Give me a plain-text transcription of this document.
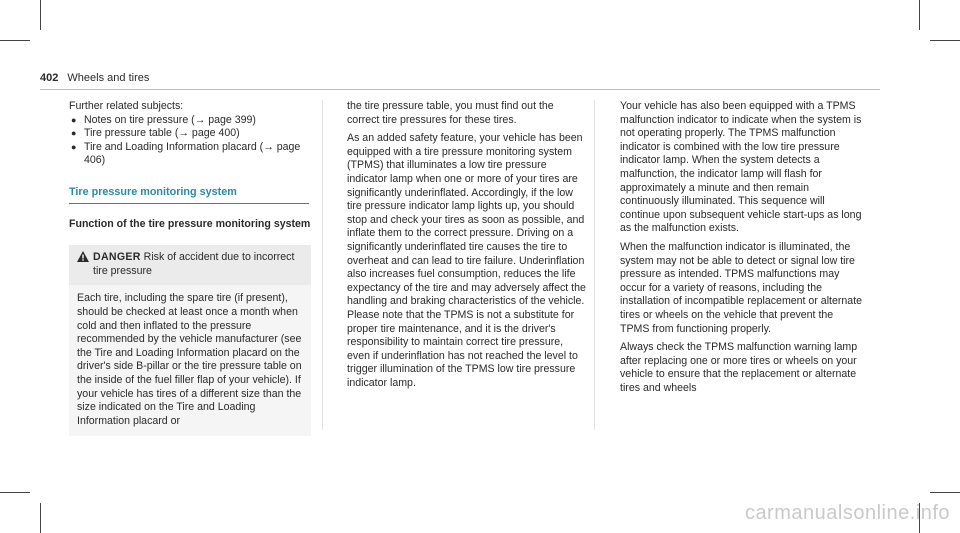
402 Wheels and tires

Further related subjects:

● Notes on tire pressure (→ page 399)
● Tire pressure table (→ page 400)
● Tire and Loading Information placard (→ page 406)
Tire pressure monitoring system
Function of the tire pressure monitoring system
DANGER Risk of accident due to incorrect tire pressure
Each tire, including the spare tire (if present), should be checked at least once a month when cold and then inflated to the pressure recommended by the vehicle manufacturer (see the Tire and Loading Information placard on the driver's side B-pillar or the tire pressure table on the inside of the fuel filler flap of your vehicle). If your vehicle has tires of a different size than the size indicated on the Tire and Loading Information placard or

the tire pressure table, you must find out the correct tire pressures for these tires.

As an added safety feature, your vehicle has been equipped with a tire pressure monitoring system (TPMS) that illuminates a low tire pressure indicator lamp when one or more of your tires are significantly underinflated. Accordingly, if the low tire pressure indicator lamp lights up, you should stop and check your tires as soon as possible, and inflate them to the correct pressure. Driving on a significantly underinflated tire causes the tire to overheat and can lead to tire failure. Underinflation also increases fuel consumption, reduces the life expectancy of the tire and may adversely affect the handling and braking characteristics of the vehicle. Please note that the TPMS is not a substitute for proper tire maintenance, and it is the driver's responsibility to maintain correct tire pressure, even if underinflation has not reached the level to trigger illumination of the TPMS low tire pressure indicator lamp.

Your vehicle has also been equipped with a TPMS malfunction indicator to indicate when the system is not operating properly. The TPMS malfunction indicator is combined with the low tire pressure indicator lamp. When the system detects a malfunction, the indicator lamp will flash for approximately a minute and then remain continuously illuminated. This sequence will continue upon subsequent vehicle start-ups as long as the malfunction exists.

When the malfunction indicator is illuminated, the system may not be able to detect or signal low tire pressure as intended. TPMS malfunctions may occur for a variety of reasons, including the installation of incompatible replacement or alternate tires or wheels on the vehicle that prevent the TPMS from functioning properly.

Always check the TPMS malfunction warning lamp after replacing one or more tires or wheels on your vehicle to ensure that the replacement or alternate tires and wheels

carmanualsonline.info
